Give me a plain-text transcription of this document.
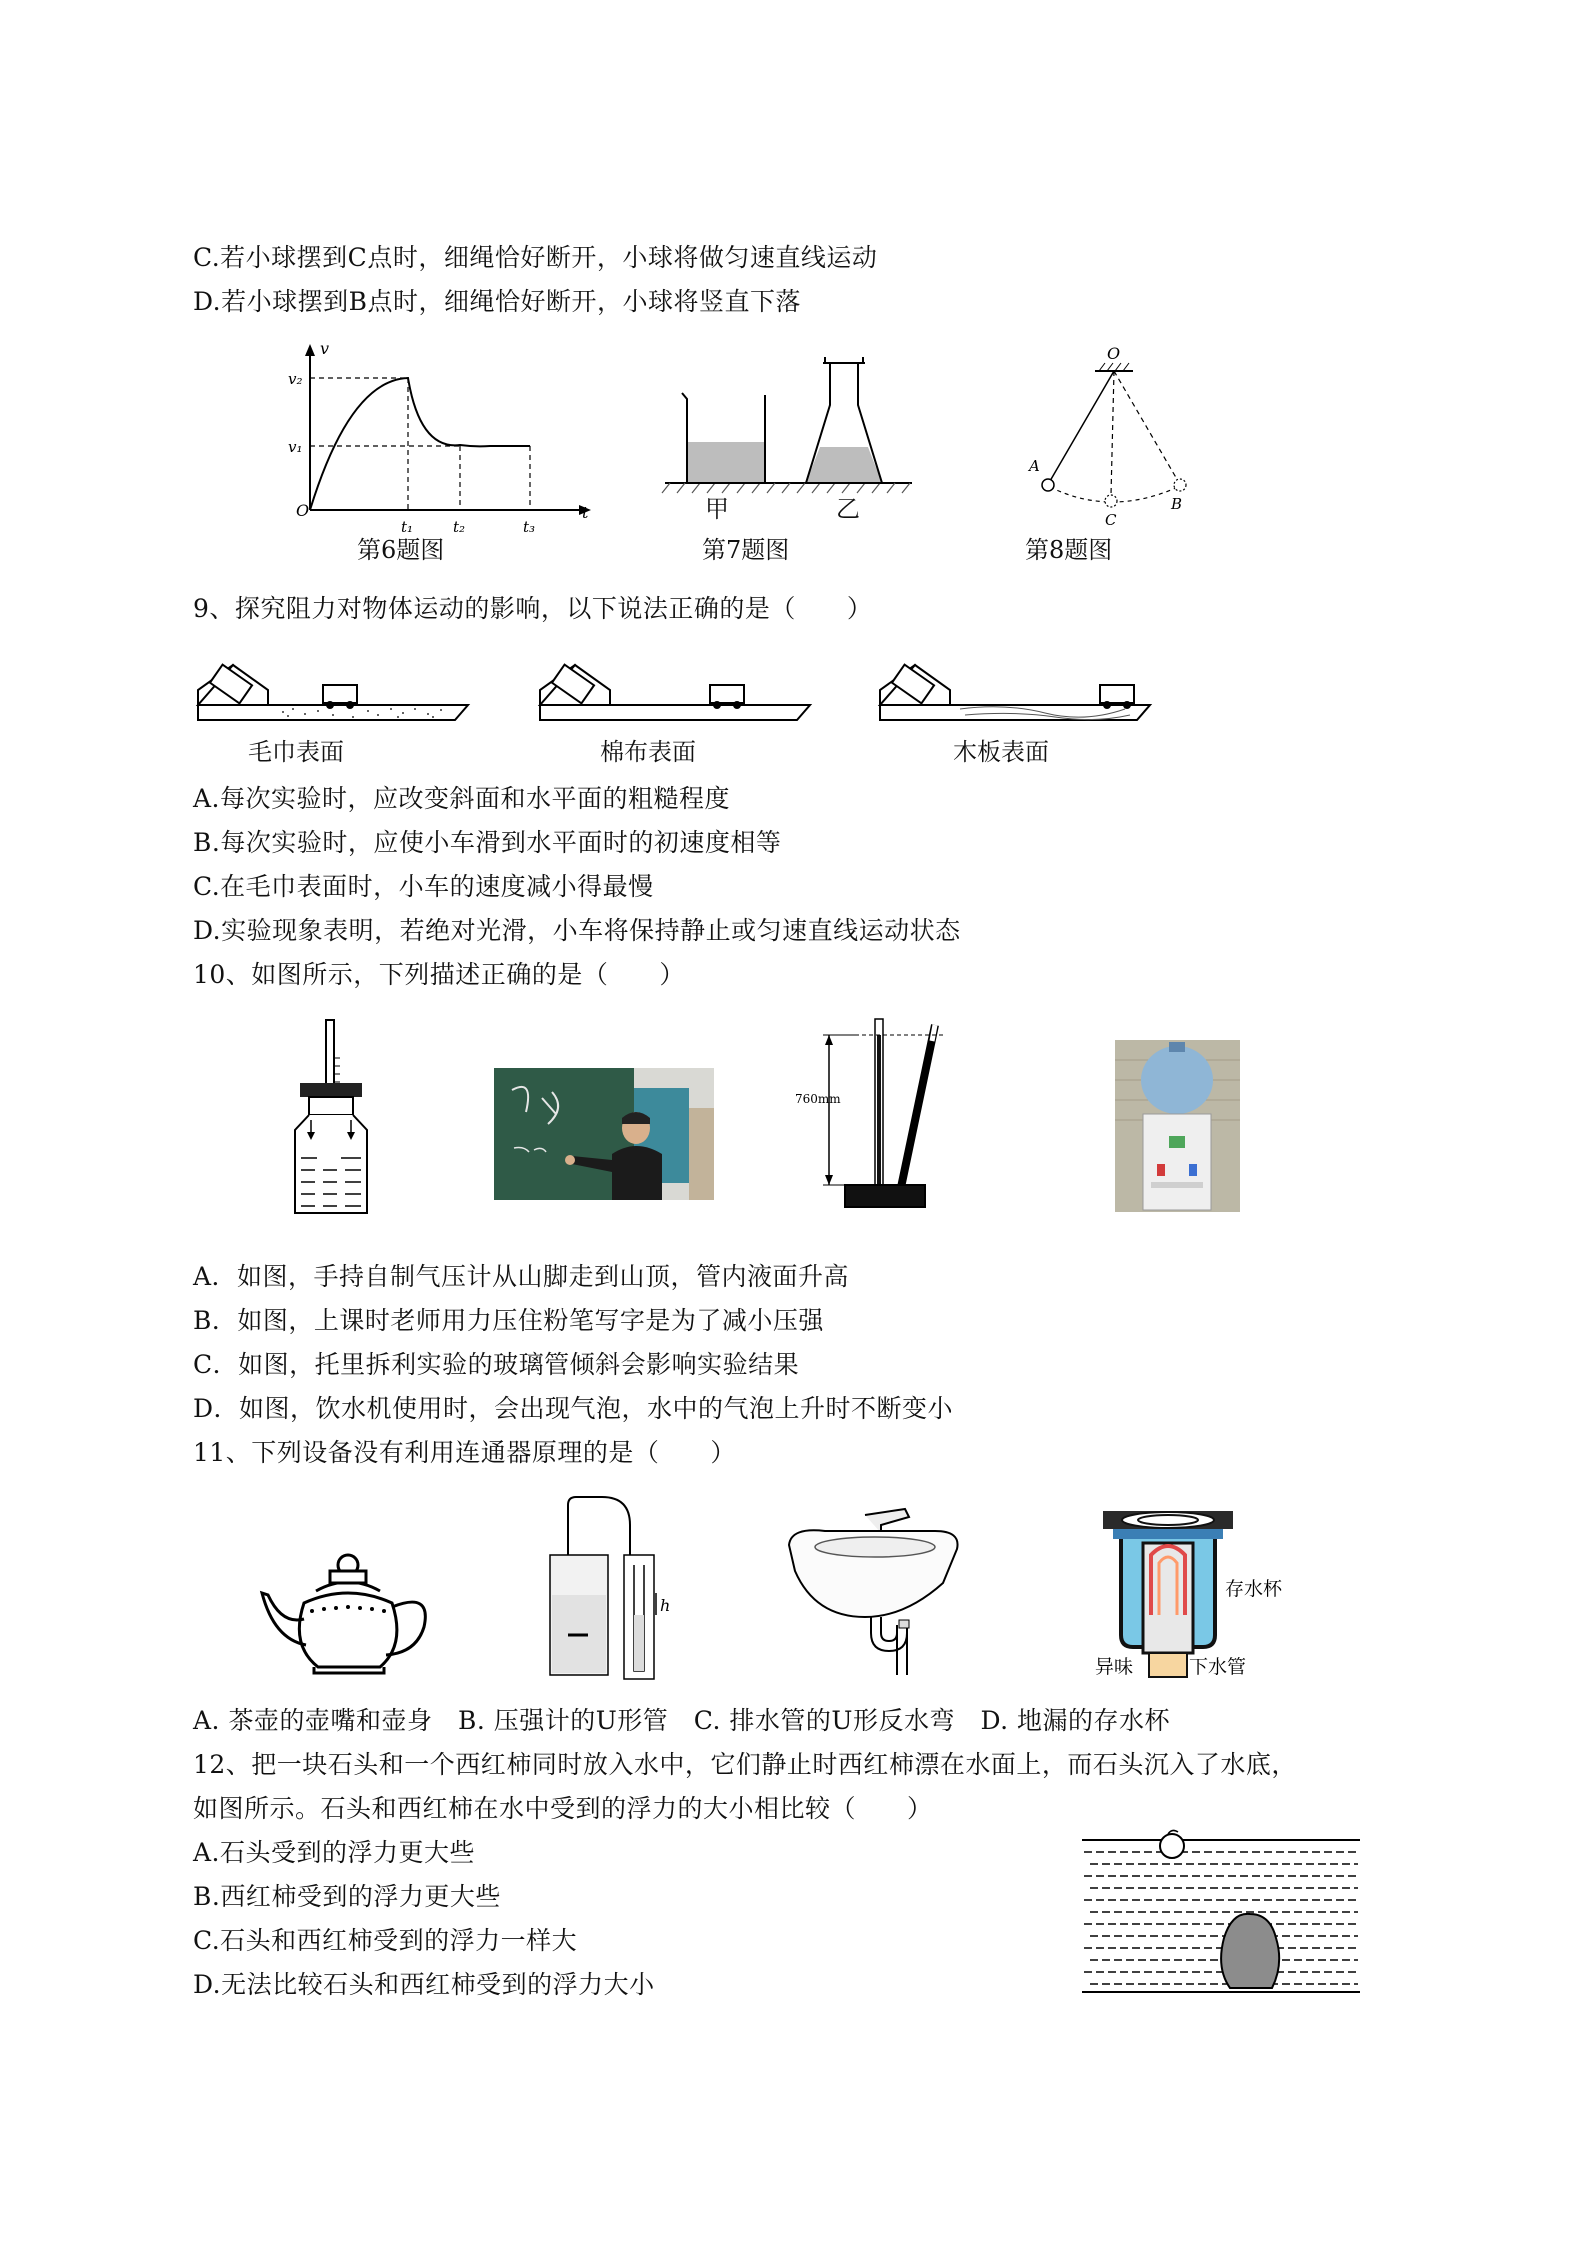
C.若小球摆到C点时，细绳恰好断开，小球将做匀速直线运动
D.若小球摆到B点时，细绳恰好断开，小球将竖直下落
v
t
O
v₂
v₁
t₁	t₂	t₃
第6题图
甲	乙
第7题图
O
A
C
B
第8题图
9、探究阻力对物体运动的影响，以下说法正确的是（　　）
毛巾表面	棉布表面	木板表面
A.每次实验时，应改变斜面和水平面的粗糙程度
B.每次实验时，应使小车滑到水平面时的初速度相等
C.在毛巾表面时，小车的速度减小得最慢
D.实验现象表明，若绝对光滑，小车将保持静止或匀速直线运动状态
10、如图所示，下列描述正确的是（　　）
760mm
A．如图，手持自制气压计从山脚走到山顶，管内液面升高
B．如图，上课时老师用力压住粉笔写字是为了减小压强
C．如图，托里拆利实验的玻璃管倾斜会影响实验结果
D．如图，饮水机使用时，会出现气泡，水中的气泡上升时不断变小
11、下列设备没有利用连通器原理的是（　　）
h
存水杯
异味	下水管
A. 茶壶的壶嘴和壶身　B. 压强计的U形管　C. 排水管的U形反水弯　D. 地漏的存水杯
12、把一块石头和一个西红柿同时放入水中，它们静止时西红柿漂在水面上，而石头沉入了水底，
如图所示。石头和西红柿在水中受到的浮力的大小相比较（　　）
A.石头受到的浮力更大些
B.西红柿受到的浮力更大些
C.石头和西红柿受到的浮力一样大
D.无法比较石头和西红柿受到的浮力大小
